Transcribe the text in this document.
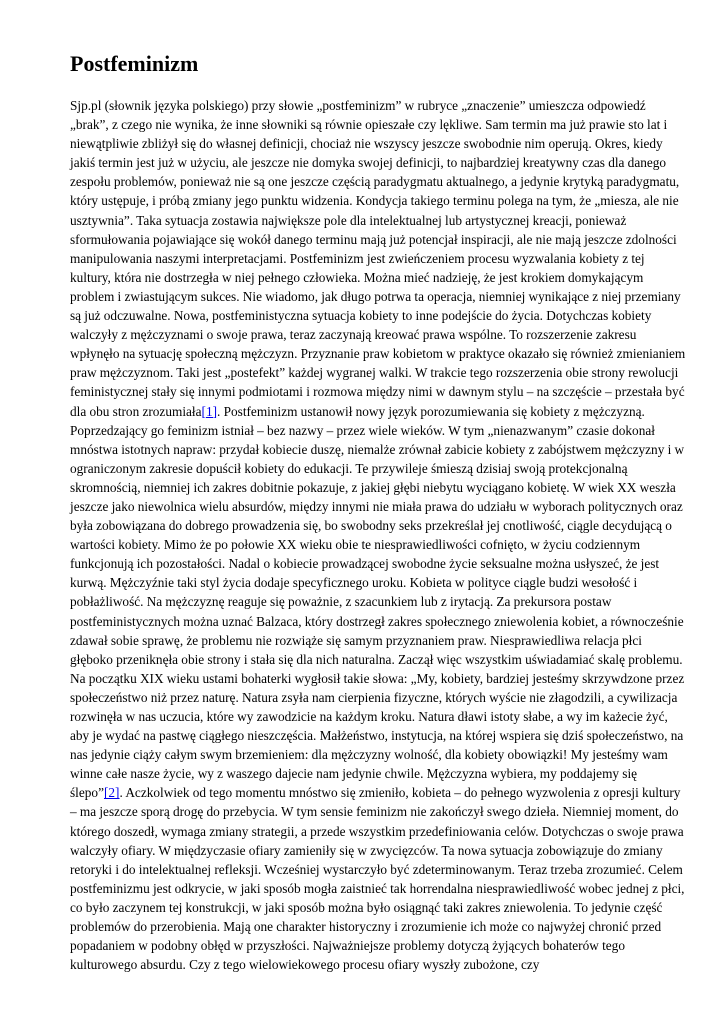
Postfeminizm

Sjp.pl (słownik języka polskiego) przy słowie „postfeminizm” w rubryce „znaczenie” umieszcza odpowiedź „brak”, z czego nie wynika, że inne słowniki są równie opieszałe czy lękliwe. Sam termin ma już prawie sto lat i niewątpliwie zbliżył się do własnej definicji, chociaż nie wszyscy jeszcze swobodnie nim operują. Okres, kiedy jakiś termin jest już w użyciu, ale jeszcze nie domyka swojej definicji, to najbardziej kreatywny czas dla danego zespołu problemów, ponieważ nie są one jeszcze częścią paradygmatu aktualnego, a jedynie krytyką paradygmatu, który ustępuje, i próbą zmiany jego punktu widzenia. Kondycja takiego terminu polega na tym, że „miesza, ale nie usztywnia”. Taka sytuacja zostawia największe pole dla intelektualnej lub artystycznej kreacji, ponieważ sformułowania pojawiające się wokół danego terminu mają już potencjał inspiracji, ale nie mają jeszcze zdolności manipulowania naszymi interpretacjami. Postfeminizm jest zwieńczeniem procesu wyzwalania kobiety z tej kultury, która nie dostrzegła w niej pełnego człowieka. Można mieć nadzieję, że jest krokiem domykającym problem i zwiastującym sukces. Nie wiadomo, jak długo potrwa ta operacja, niemniej wynikające z niej przemiany są już odczuwalne. Nowa, postfeministyczna sytuacja kobiety to inne podejście do życia. Dotychczas kobiety walczyły z mężczyznami o swoje prawa, teraz zaczynają kreować prawa wspólne. To rozszerzenie zakresu wpłynęło na sytuację społeczną mężczyzn. Przyznanie praw kobietom w praktyce okazało się również zmienianiem praw mężczyznom. Taki jest „postefekt” każdej wygranej walki. W trakcie tego rozszerzenia obie strony rewolucji feministycznej stały się innymi podmiotami i rozmowa między nimi w dawnym stylu – na szczęście – przestała być dla obu stron zrozumiała[1]. Postfeminizm ustanowił nowy język porozumiewania się kobiety z mężczyzną. Poprzedzający go feminizm istniał – bez nazwy – przez wiele wieków. W tym „nienazwanym” czasie dokonał mnóstwa istotnych napraw: przydał kobiecie duszę, niemalże zrównał zabicie kobiety z zabójstwem mężczyzny i w ograniczonym zakresie dopuścił kobiety do edukacji. Te przywileje śmieszą dzisiaj swoją protekcjonalną skromnością, niemniej ich zakres dobitnie pokazuje, z jakiej głębi niebytu wyciągano kobietę. W wiek XX weszła jeszcze jako niewolnica wielu absurdów, między innymi nie miała prawa do udziału w wyborach politycznych oraz była zobowiązana do dobrego prowadzenia się, bo swobodny seks przekreślał jej cnotliwość, ciągle decydującą o wartości kobiety. Mimo że po połowie XX wieku obie te niesprawiedliwości cofnięto, w życiu codziennym funkcjonują ich pozostałości. Nadal o kobiecie prowadzącej swobodne życie seksualne można usłyszeć, że jest kurwą. Mężczyźnie taki styl życia dodaje specyficznego uroku. Kobieta w polityce ciągle budzi wesołość i pobłażliwość. Na mężczyznę reaguje się poważnie, z szacunkiem lub z irytacją. Za prekursora postaw postfeministycznych można uznać Balzaca, który dostrzegł zakres społecznego zniewolenia kobiet, a równocześnie zdawał sobie sprawę, że problemu nie rozwiąże się samym przyznaniem praw. Niesprawiedliwa relacja płci głęboko przeniknęła obie strony i stała się dla nich naturalna. Zaczął więc wszystkim uświadamiać skalę problemu. Na początku XIX wieku ustami bohaterki wygłosił takie słowa: „My, kobiety, bardziej jesteśmy skrzywdzone przez społeczeństwo niż przez naturę. Natura zsyła nam cierpienia fizyczne, których wyście nie złagodzili, a cywilizacja rozwinęła w nas uczucia, które wy zawodzicie na każdym kroku. Natura dławi istoty słabe, a wy im każecie żyć, aby je wydać na pastwę ciągłego nieszczęścia. Małżeństwo, instytucja, na której wspiera się dziś społeczeństwo, na nas jedynie ciąży całym swym brzemieniem: dla mężczyzny wolność, dla kobiety obowiązki! My jesteśmy wam winne całe nasze życie, wy z waszego dajecie nam jedynie chwile. Mężczyzna wybiera, my poddajemy się ślepo”[2]. Aczkolwiek od tego momentu mnóstwo się zmieniło, kobieta – do pełnego wyzwolenia z opresji kultury – ma jeszcze sporą drogę do przebycia. W tym sensie feminizm nie zakończył swego dzieła. Niemniej moment, do którego doszedł, wymaga zmiany strategii, a przede wszystkim przedefiniowania celów. Dotychczas o swoje prawa walczyły ofiary. W międzyczasie ofiary zamieniły się w zwycięzców. Ta nowa sytuacja zobowiązuje do zmiany retoryki i do intelektualnej refleksji. Wcześniej wystarczyło być zdeterminowanym. Teraz trzeba zrozumieć. Celem postfeminizmu jest odkrycie, w jaki sposób mogła zaistnieć tak horrendalna niesprawiedliwość wobec jednej z płci, co było zaczynem tej konstrukcji, w jaki sposób można było osiągnąć taki zakres zniewolenia. To jedynie część problemów do przerobienia. Mają one charakter historyczny i zrozumienie ich może co najwyżej chronić przed popadaniem w podobny obłęd w przyszłości. Najważniejsze problemy dotyczą żyjących bohaterów tego kulturowego absurdu. Czy z tego wielowiekowego procesu ofiary wyszły zubożone, czy
